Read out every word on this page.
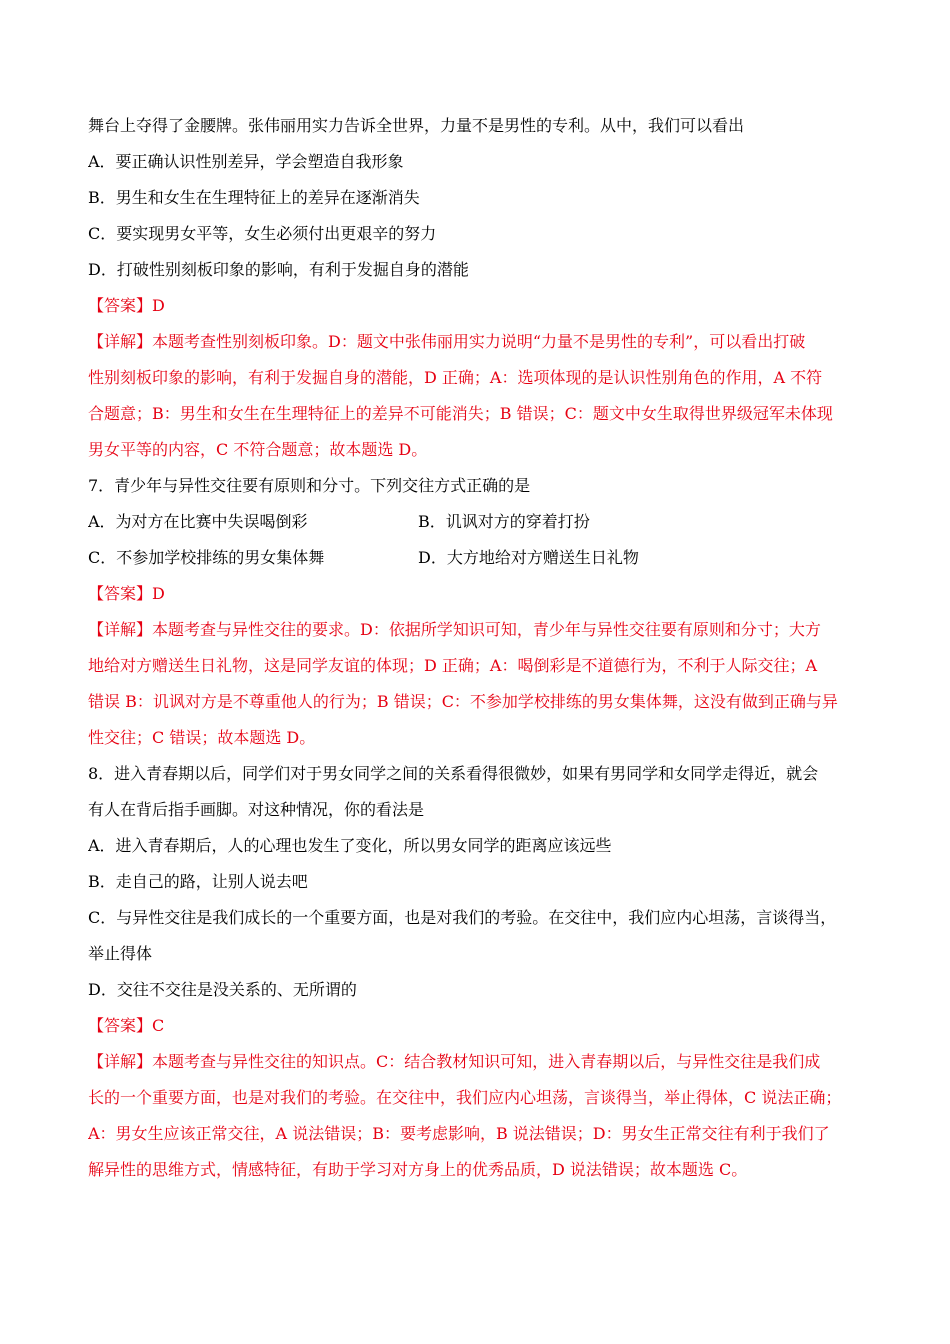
舞台上夺得了金腰牌。张伟丽用实力告诉全世界，力量不是男性的专利。从中，我们可以看出
A．要正确认识性别差异，学会塑造自我形象
B．男生和女生在生理特征上的差异在逐渐消失
C．要实现男女平等，女生必须付出更艰辛的努力
D．打破性别刻板印象的影响，有利于发掘自身的潜能
【答案】D
【详解】本题考查性别刻板印象。D：题文中张伟丽用实力说明“力量不是男性的专利”，可以看出打破
性别刻板印象的影响，有利于发掘自身的潜能，D 正确；A：选项体现的是认识性别角色的作用，A 不符
合题意；B：男生和女生在生理特征上的差异不可能消失；B 错误；C：题文中女生取得世界级冠军未体现
男女平等的内容，C 不符合题意；故本题选 D。
7．青少年与异性交往要有原则和分寸。下列交往方式正确的是
A．为对方在比赛中失误喝倒彩	B．讥讽对方的穿着打扮
C．不参加学校排练的男女集体舞	D．大方地给对方赠送生日礼物
【答案】D
【详解】本题考查与异性交往的要求。D：依据所学知识可知，青少年与异性交往要有原则和分寸；大方
地给对方赠送生日礼物，这是同学友谊的体现；D 正确；A：喝倒彩是不道德行为，不利于人际交往；A
错误 B：讥讽对方是不尊重他人的行为；B 错误；C：不参加学校排练的男女集体舞，这没有做到正确与异
性交往；C 错误；故本题选 D。
8．进入青春期以后，同学们对于男女同学之间的关系看得很微妙，如果有男同学和女同学走得近，就会
有人在背后指手画脚。对这种情况，你的看法是
A．进入青春期后，人的心理也发生了变化，所以男女同学的距离应该远些
B．走自己的路，让别人说去吧
C．与异性交往是我们成长的一个重要方面，也是对我们的考验。在交往中，我们应内心坦荡，言谈得当，
举止得体
D．交往不交往是没关系的、无所谓的
【答案】C
【详解】本题考查与异性交往的知识点。C：结合教材知识可知，进入青春期以后，与异性交往是我们成
长的一个重要方面，也是对我们的考验。在交往中，我们应内心坦荡，言谈得当，举止得体，C 说法正确；
A：男女生应该正常交往，A 说法错误；B：要考虑影响，B 说法错误；D：男女生正常交往有利于我们了
解异性的思维方式，情感特征，有助于学习对方身上的优秀品质，D 说法错误；故本题选 C。
